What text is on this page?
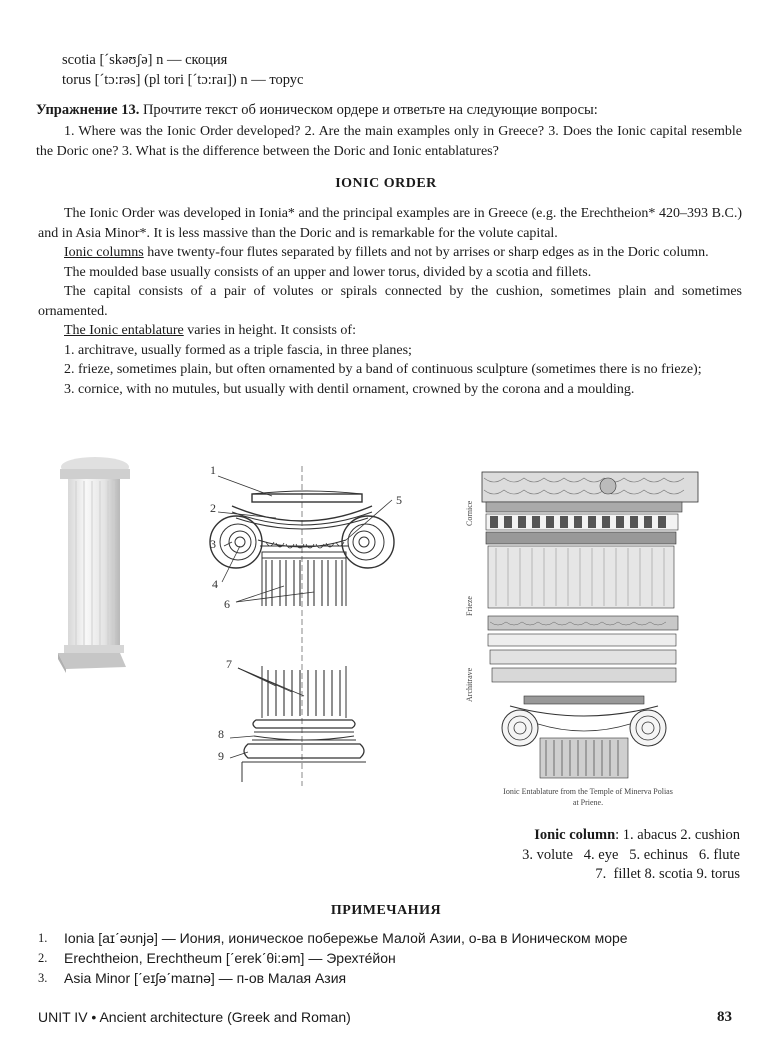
scotia [ˊskəʊʃə] n — скоция
torus [ˊtɔ:rəs] (pl tori [ˊtɔ:raɪ]) n — торус
Упражнение 13. Прочтите текст об ионическом ордере и ответьте на следующие вопросы:
1. Where was the Ionic Order developed? 2. Are the main examples only in Greece? 3. Does the Ionic capital resemble the Doric one? 3. What is the difference between the Doric and Ionic entablatures?
IONIC ORDER

The Ionic Order was developed in Ionia* and the principal examples are in Greece (e.g. the Erechtheion* 420–393 B.C.) and in Asia Minor*. It is less massive than the Doric and is remarkable for the volute capital.

Ionic columns have twenty-four flutes separated by fillets and not by arrises or sharp edges as in the Doric column.

The moulded base usually consists of an upper and lower torus, divided by a scotia and fillets.

The capital consists of a pair of volutes or spirals connected by the cushion, sometimes plain and sometimes ornamented.

The Ionic entablature varies in height. It consists of:

1. architrave, usually formed as a triple fascia, in three planes;

2. frieze, sometimes plain, but often ornamented by a band of continuous sculpture (sometimes there is no frieze);

3. cornice, with no mutules, but usually with dentil ornament, crowned by the corona and a moulding.

1
2
3
4
5
6
7
8
9
Cornice
Frieze
Architrave
Ionic Entablature from the Temple of Minerva Polias
at Priene.
Ionic column: 1. abacus 2. cushion
3. volute   4. eye   5. echinus   6. flute
7.  fillet 8. scotia 9. torus
ПРИМЕЧАНИЯ
1.	Ionia [aɪˊəʊnjə] — Иония, ионическое побережье Малой Азии, о-ва в Ионическом море
2.	Erechtheion, Erechtheum [ˊerekˊθi:əm] — Эрехте́йон
3.	Asia Minor [ˊeɪʃəˊmaɪnə] — п-ов Малая Азия
UNIT IV • Ancient architecture (Greek and Roman)	83
